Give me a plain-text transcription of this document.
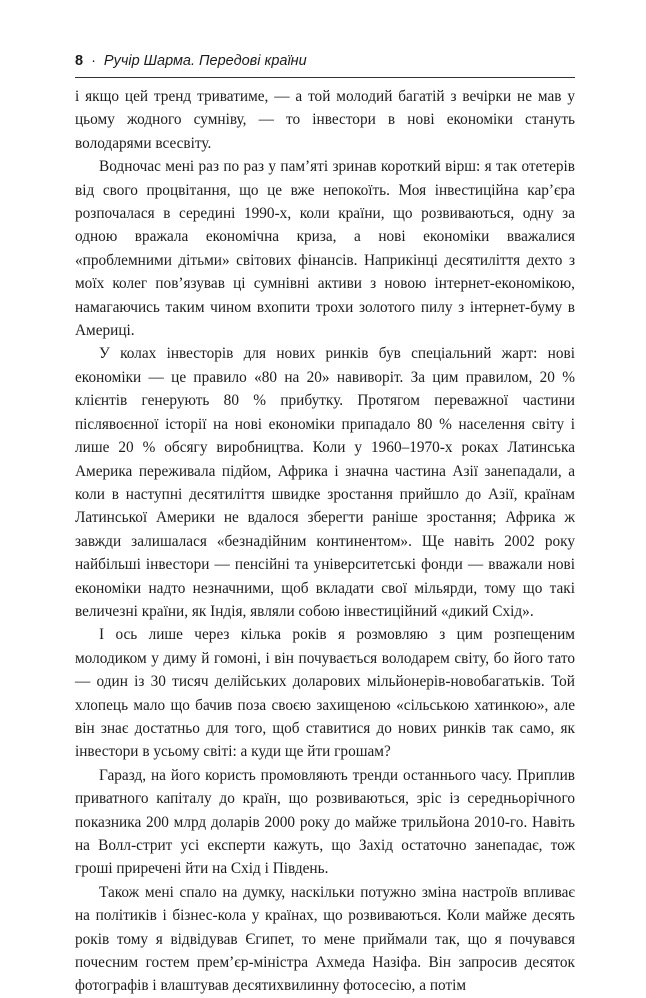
8 · Ручір Шарма. Передові країни

і якщо цей тренд триватиме, — а той молодий багатій з вечірки не мав у цьому жодного сумніву, — то інвестори в нові економіки стануть володарями всесвіту.

Водночас мені раз по раз у пам’яті зринав короткий вірш: я так отетерів від свого процвітання, що це вже непокоїть. Моя інвестиційна кар’єра розпочалася в середині 1990-х, коли країни, що розвиваються, одну за одною вражала економічна криза, а нові економіки вважалися «проблемними дітьми» світових фінансів. Наприкінці десятиліття дехто з моїх колег пов’язував ці сумнівні активи з новою інтернет-економікою, намагаючись таким чином вхопити трохи золотого пилу з інтернет-буму в Америці.

У колах інвесторів для нових ринків був спеціальний жарт: нові економіки — це правило «80 на 20» навиворіт. За цим правилом, 20 % клієнтів генерують 80 % прибутку. Протягом переважної частини післявоєнної історії на нові економіки припадало 80 % населення світу і лише 20 % обсягу виробництва. Коли у 1960–1970-х роках Латинська Америка переживала підйом, Африка і значна частина Азії занепадали, а коли в наступні десятиліття швидке зростання прийшло до Азії, країнам Латинської Америки не вдалося зберегти раніше зростання; Африка ж завжди залишалася «безнадійним континентом». Ще навіть 2002 року найбільші інвестори — пенсійні та університетські фонди — вважали нові економіки надто незначними, щоб вкладати свої мільярди, тому що такі величезні країни, як Індія, являли собою інвестиційний «дикий Схід».

І ось лише через кілька років я розмовляю з цим розпещеним молодиком у диму й гомоні, і він почувається володарем світу, бо його тато — один із 30 тисяч делійських доларових мільйонерів-новобагатьків. Той хлопець мало що бачив поза своєю захищеною «сільською хатинкою», але він знає достатньо для того, щоб ставитися до нових ринків так само, як інвестори в усьому світі: а куди ще йти грошам?

Гаразд, на його користь промовляють тренди останнього часу. Приплив приватного капіталу до країн, що розвиваються, зріс із середньорічного показника 200 млрд доларів 2000 року до майже трильйона 2010-го. Навіть на Волл-стрит усі експерти кажуть, що Захід остаточно занепадає, тож гроші приречені йти на Схід і Південь.

Також мені спало на думку, наскільки потужно зміна настроїв впливає на політиків і бізнес-кола у країнах, що розвиваються. Коли майже десять років тому я відвідував Єгипет, то мене приймали так, що я почувався почесним гостем прем’єр-міністра Ахмеда Назіфа. Він запросив десяток фотографів і влаштував десятихвилинну фотосесію, а потім
